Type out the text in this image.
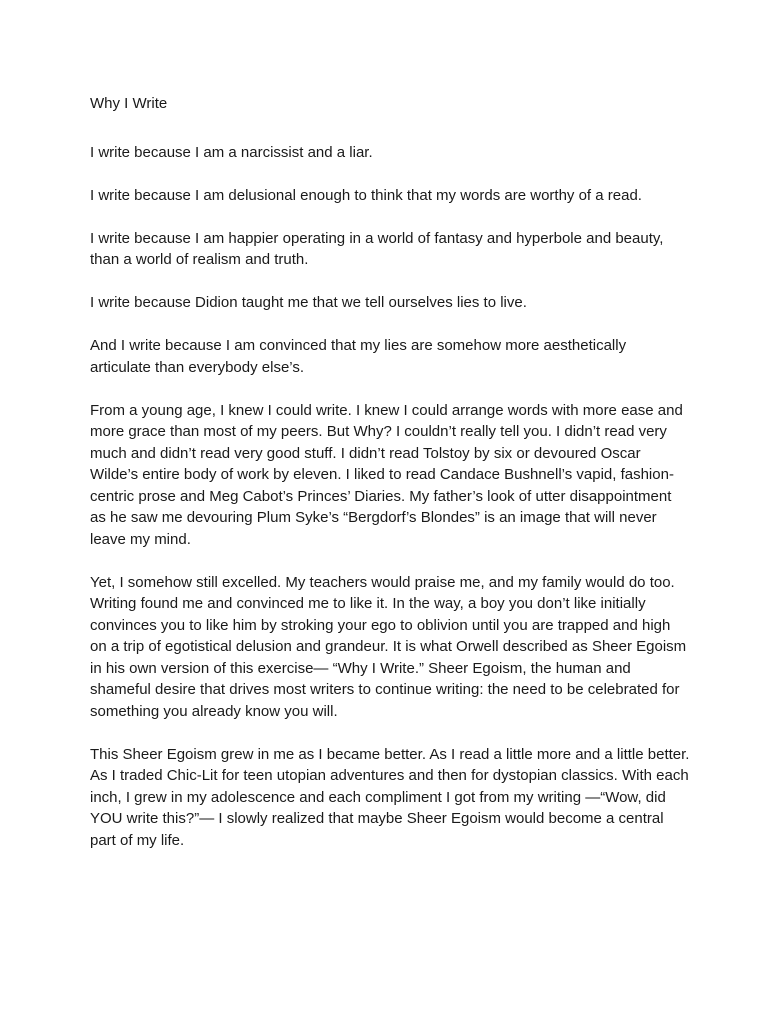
Why I Write

I write because I am a narcissist and a liar.

I write because I am delusional enough to think that my words are worthy of a read.

I write because I am happier operating in a world of fantasy and hyperbole and beauty, than a world of realism and truth.

I write because Didion taught me that we tell ourselves lies to live.

And I write because I am convinced that my lies are somehow more aesthetically articulate than everybody else’s.

From a young age, I knew I could write. I knew I could arrange words with more ease and more grace than most of my peers. But Why? I couldn’t really tell you. I didn’t read very much and didn’t read very good stuff. I didn’t read Tolstoy by six or devoured Oscar Wilde’s entire body of work by eleven. I liked to read Candace Bushnell’s vapid, fashion-centric prose and Meg Cabot’s Princes’ Diaries. My father’s look of utter disappointment as he saw me devouring Plum Syke’s “Bergdorf’s Blondes” is an image that will never leave my mind.

Yet, I somehow still excelled. My teachers would praise me, and my family would do too. Writing found me and convinced me to like it. In the way, a boy you don’t like initially convinces you to like him by stroking your ego to oblivion until you are trapped and high on a trip of egotistical delusion and grandeur. It is what Orwell described as Sheer Egoism in his own version of this exercise— “Why I Write.” Sheer Egoism, the human and shameful desire that drives most writers to continue writing: the need to be celebrated for something you already know you will.

This Sheer Egoism grew in me as I became better. As I read a little more and a little better. As I traded Chic-Lit for teen utopian adventures and then for dystopian classics. With each inch, I grew in my adolescence and each compliment I got from my writing —“Wow, did YOU write this?”— I slowly realized that maybe Sheer Egoism would become a central part of my life.
